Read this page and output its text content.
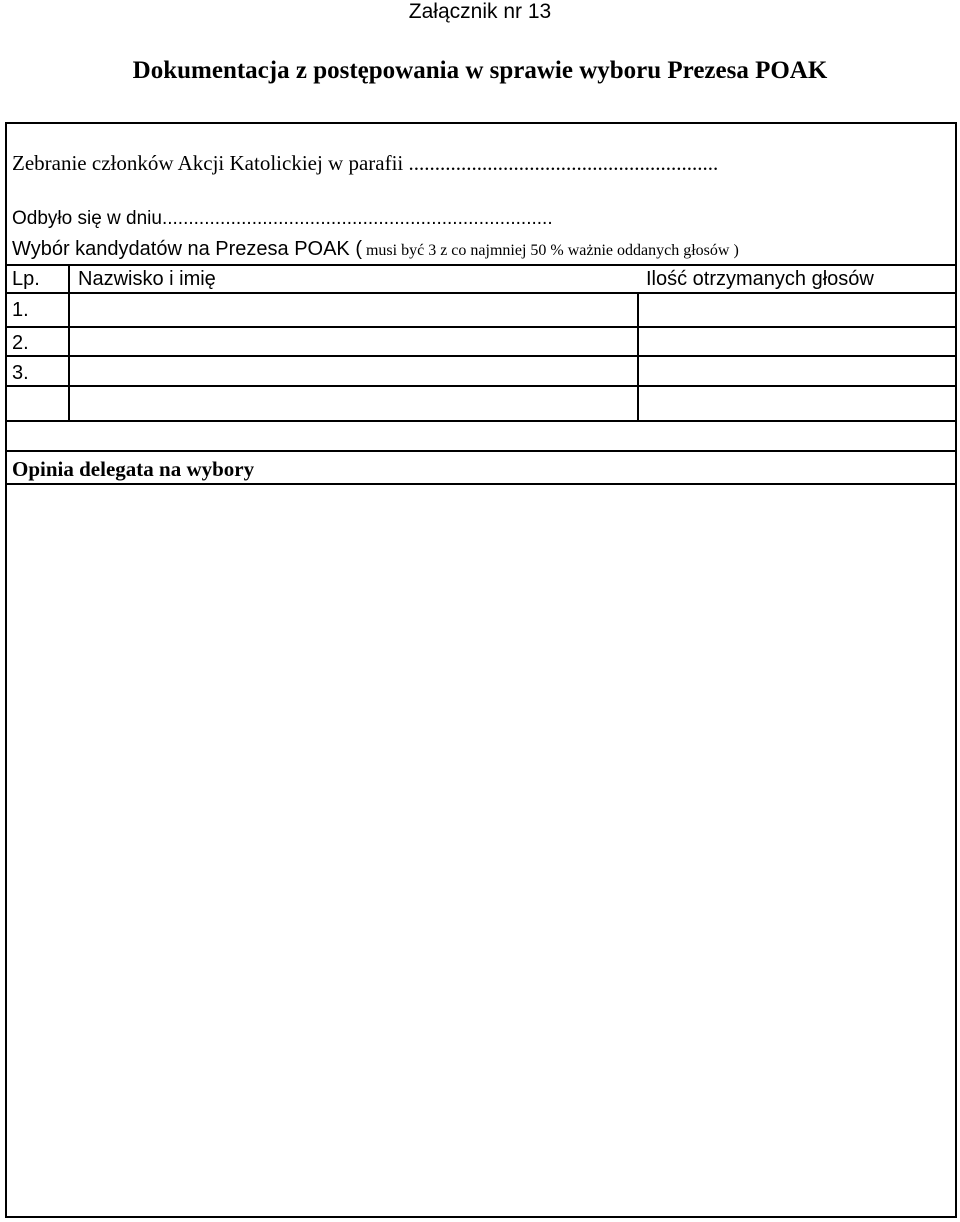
Załącznik nr 13
Dokumentacja z postępowania w sprawie wyboru Prezesa POAK
Zebranie członków Akcji Katolickiej w parafii ...........................................................
Odbyło się w dniu..........................................................................
Wybór kandydatów na Prezesa POAK ( musi być 3 z co najmniej 50 % ważnie oddanych głosów )
Lp. Nazwisko i imię	Ilość otrzymanych głosów
1.
2.
3.
Opinia delegata na wybory
